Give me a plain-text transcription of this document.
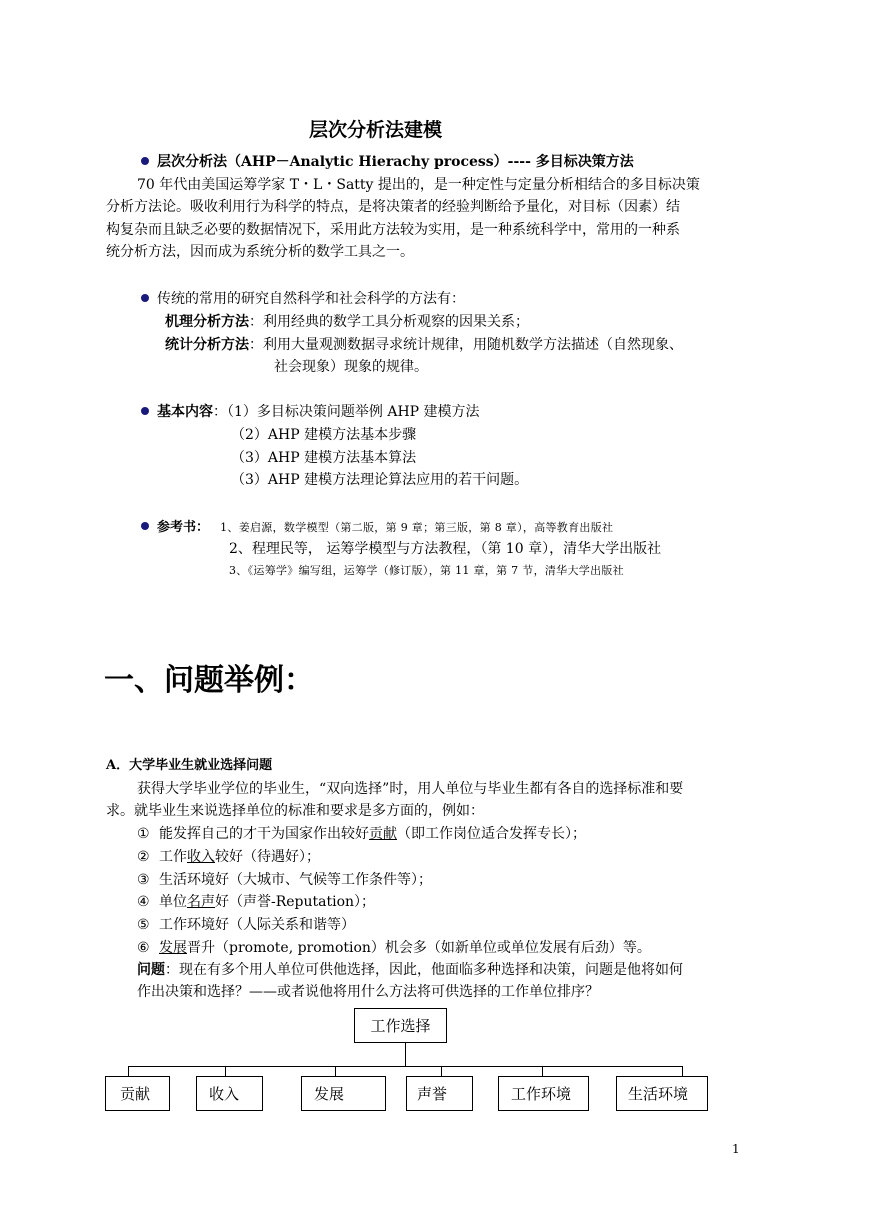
层次分析法建模
层次分析法（AHP－Analytic Hierachy process）---- 多目标决策方法
70 年代由美国运筹学家 T・L・Satty 提出的，是一种定性与定量分析相结合的多目标决策
分析方法论。吸收利用行为科学的特点，是将决策者的经验判断给予量化，对目标（因素）结
构复杂而且缺乏必要的数据情况下，采用此方法较为实用，是一种系统科学中，常用的一种系
统分析方法，因而成为系统分析的数学工具之一。
传统的常用的研究自然科学和社会科学的方法有：
机理分析方法：利用经典的数学工具分析观察的因果关系；
统计分析方法：利用大量观测数据寻求统计规律，用随机数学方法描述（自然现象、
社会现象）现象的规律。
基本内容：（1）多目标决策问题举例 AHP 建模方法
（2）AHP 建模方法基本步骤
（3）AHP 建模方法基本算法
（3）AHP 建模方法理论算法应用的若干问题。
参考书： 1、姜启源，数学模型（第二版，第 9 章；第三版，第 8 章），高等教育出版社
2、程理民等， 运筹学模型与方法教程，（第 10 章），清华大学出版社
3、《运筹学》编写组，运筹学（修订版），第 11 章，第 7 节，清华大学出版社
一、问题举例：
A．大学毕业生就业选择问题
获得大学毕业学位的毕业生，“双向选择”时，用人单位与毕业生都有各自的选择标准和要
求。就毕业生来说选择单位的标准和要求是多方面的，例如：
① 能发挥自己的才干为国家作出较好贡献（即工作岗位适合发挥专长）；
② 工作收入较好（待遇好）；
③ 生活环境好（大城市、气候等工作条件等）；
④ 单位名声好（声誉-Reputation）；
⑤ 工作环境好（人际关系和谐等）
⑥ 发展晋升（promote, promotion）机会多（如新单位或单位发展有后劲）等。
问题：现在有多个用人单位可供他选择，因此，他面临多种选择和决策，问题是他将如何
作出决策和选择？——或者说他将用什么方法将可供选择的工作单位排序？
工作选择
贡献	收入	发展	声誉	工作环境	生活环境
1
